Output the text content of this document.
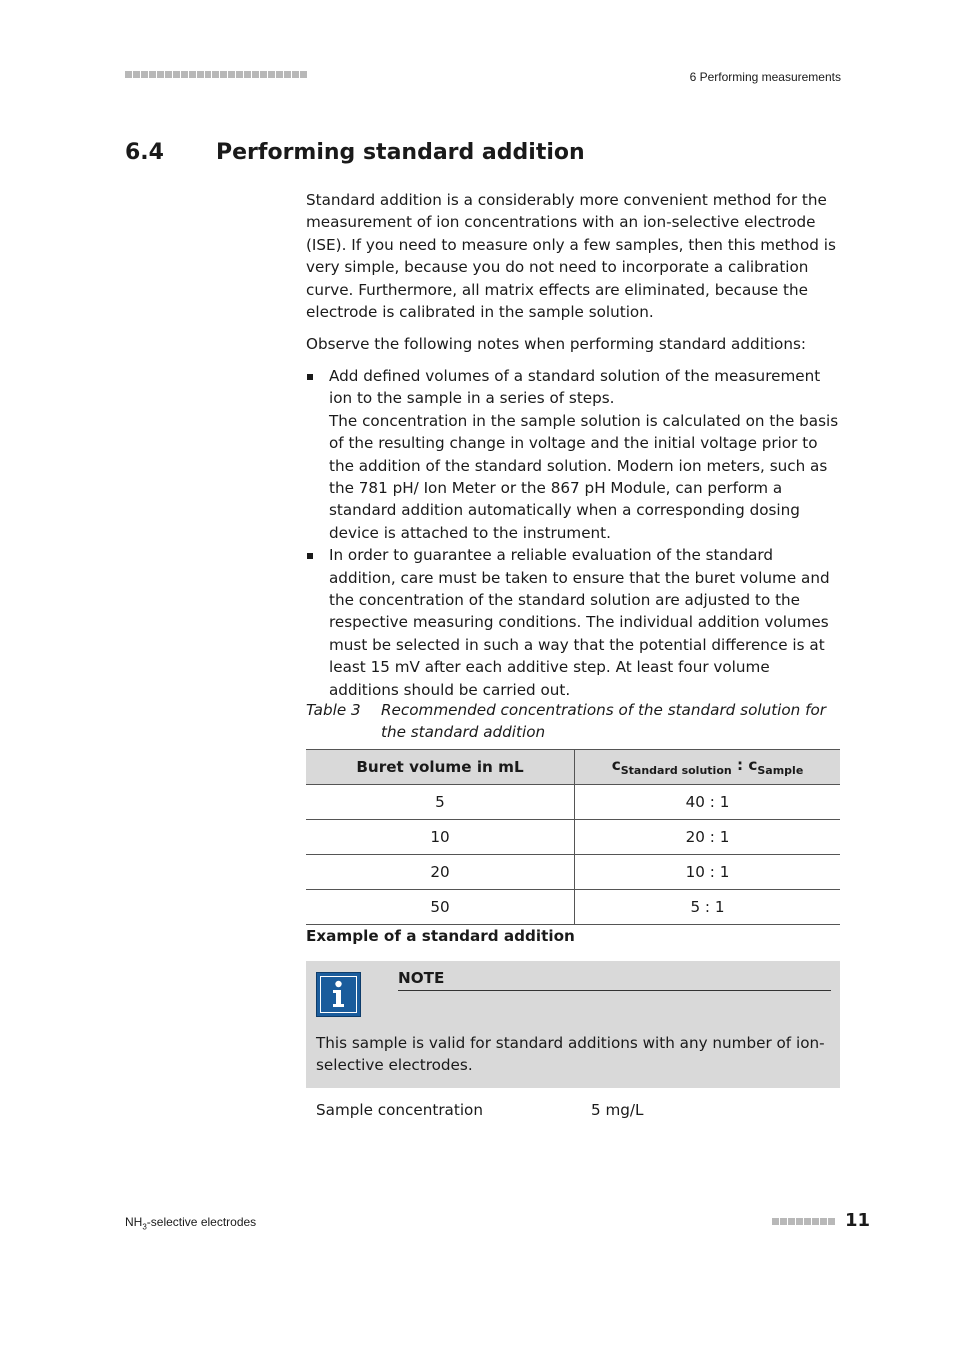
6 Performing measurements
6.4 Performing standard addition

Standard addition is a considerably more convenient method for the measurement of ion concentrations with an ion-selective electrode (ISE). If you need to measure only a few samples, then this method is very simple, because you do not need to incorporate a calibration curve. Furthermore, all matrix effects are eliminated, because the electrode is calibrated in the sample solution.

Observe the following notes when performing standard additions:

Add defined volumes of a standard solution of the measurement ion to the sample in a series of steps.
The concentration in the sample solution is calculated on the basis of the resulting change in voltage and the initial voltage prior to the addition of the standard solution. Modern ion meters, such as the 781 pH/ Ion Meter or the 867 pH Module, can perform a standard addition automatically when a corresponding dosing device is attached to the instrument.
In order to guarantee a reliable evaluation of the standard addition, care must be taken to ensure that the buret volume and the concentration of the standard solution are adjusted to the respective measuring conditions. The individual addition volumes must be selected in such a way that the potential difference is at least 15 mV after each additive step. At least four volume additions should be carried out.
Table 3	Recommended concentrations of the standard solution for the standard addition
Buret volume in mL	$c_{Standard solution}$ : $c_{Sample}$
5	40 : 1
10	20 : 1
20	10 : 1
50	5 : 1
Example of a standard addition
NOTE
This sample is valid for standard additions with any number of ion-selective electrodes.
Sample concentration	5 mg/L
$NH_3$-selective electrodes	11
